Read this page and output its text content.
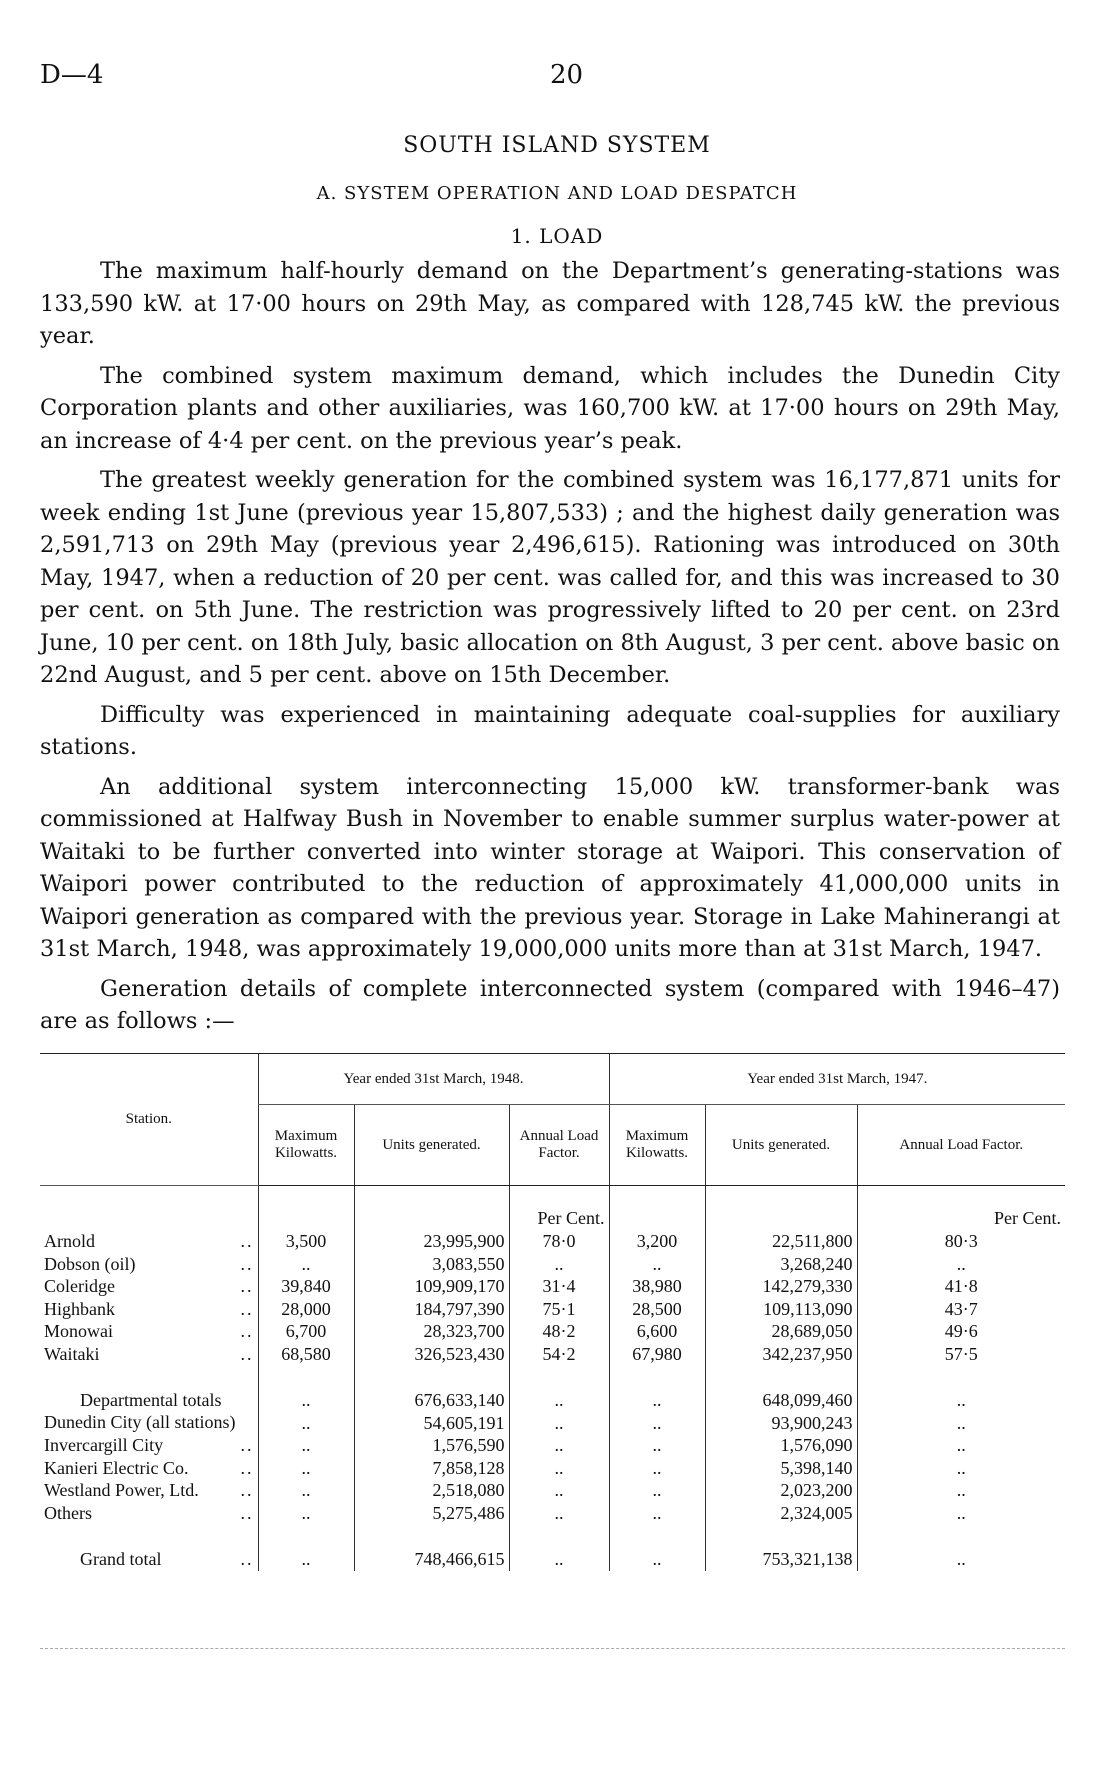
D—4	20
SOUTH ISLAND SYSTEM
A. SYSTEM OPERATION AND LOAD DESPATCH
1. LOAD

The maximum half-hourly demand on the Department’s generating-stations was 133,590 kW. at 17·00 hours on 29th May, as compared with 128,745 kW. the previous year.

The combined system maximum demand, which includes the Dunedin City Corporation plants and other auxiliaries, was 160,700 kW. at 17·00 hours on 29th May, an increase of 4·4 per cent. on the previous year’s peak.

The greatest weekly generation for the combined system was 16,177,871 units for week ending 1st June (previous year 15,807,533) ; and the highest daily generation was 2,591,713 on 29th May (previous year 2,496,615). Rationing was introduced on 30th May, 1947, when a reduction of 20 per cent. was called for, and this was increased to 30 per cent. on 5th June. The restriction was progressively lifted to 20 per cent. on 23rd June, 10 per cent. on 18th July, basic allocation on 8th August, 3 per cent. above basic on 22nd August, and 5 per cent. above on 15th December.

Difficulty was experienced in maintaining adequate coal-supplies for auxiliary stations.

An additional system interconnecting 15,000 kW. transformer-bank was commissioned at Halfway Bush in November to enable summer surplus water-power at Waitaki to be further converted into winter storage at Waipori. This conservation of Waipori power contributed to the reduction of approximately 41,000,000 units in Waipori generation as compared with the previous year. Storage in Lake Mahinerangi at 31st March, 1948, was approximately 19,000,000 units more than at 31st March, 1947.

Generation details of complete interconnected system (compared with 1946–47) are as follows :—

Station.	Year ended 31st March, 1948.			Year ended 31st March, 1947.		
	Maximum Kilowatts.	Units generated.	Annual Load Factor.	Maximum Kilowatts.	Units generated.	Annual Load Factor.

			Per Cent.			Per Cent.

Arnold ..	3,500	23,995,900	78·0	3,200	22,511,800	80·3

Dobson (oil) ..	..	3,083,550	..	..	3,268,240	..

Coleridge ..	39,840	109,909,170	31·4	38,980	142,279,330	41·8

Highbank ..	28,000	184,797,390	75·1	28,500	109,113,090	43·7

Monowai ..	6,700	28,323,700	48·2	6,600	28,689,050	49·6

Waitaki ..	68,580	326,523,430	54·2	67,980	342,237,950	57·5

Departmental totals	..	676,633,140	..	..	648,099,460	..

Dunedin City (all stations)	..	54,605,191	..	..	93,900,243	..

Invercargill City ..	..	1,576,590	..	..	1,576,090	..

Kanieri Electric Co. ..	..	7,858,128	..	..	5,398,140	..

Westland Power, Ltd. ..	..	2,518,080	..	..	2,023,200	..

Others ..	..	5,275,486	..	..	2,324,005	..

Grand total ..	..	748,466,615	..	..	753,321,138	..
